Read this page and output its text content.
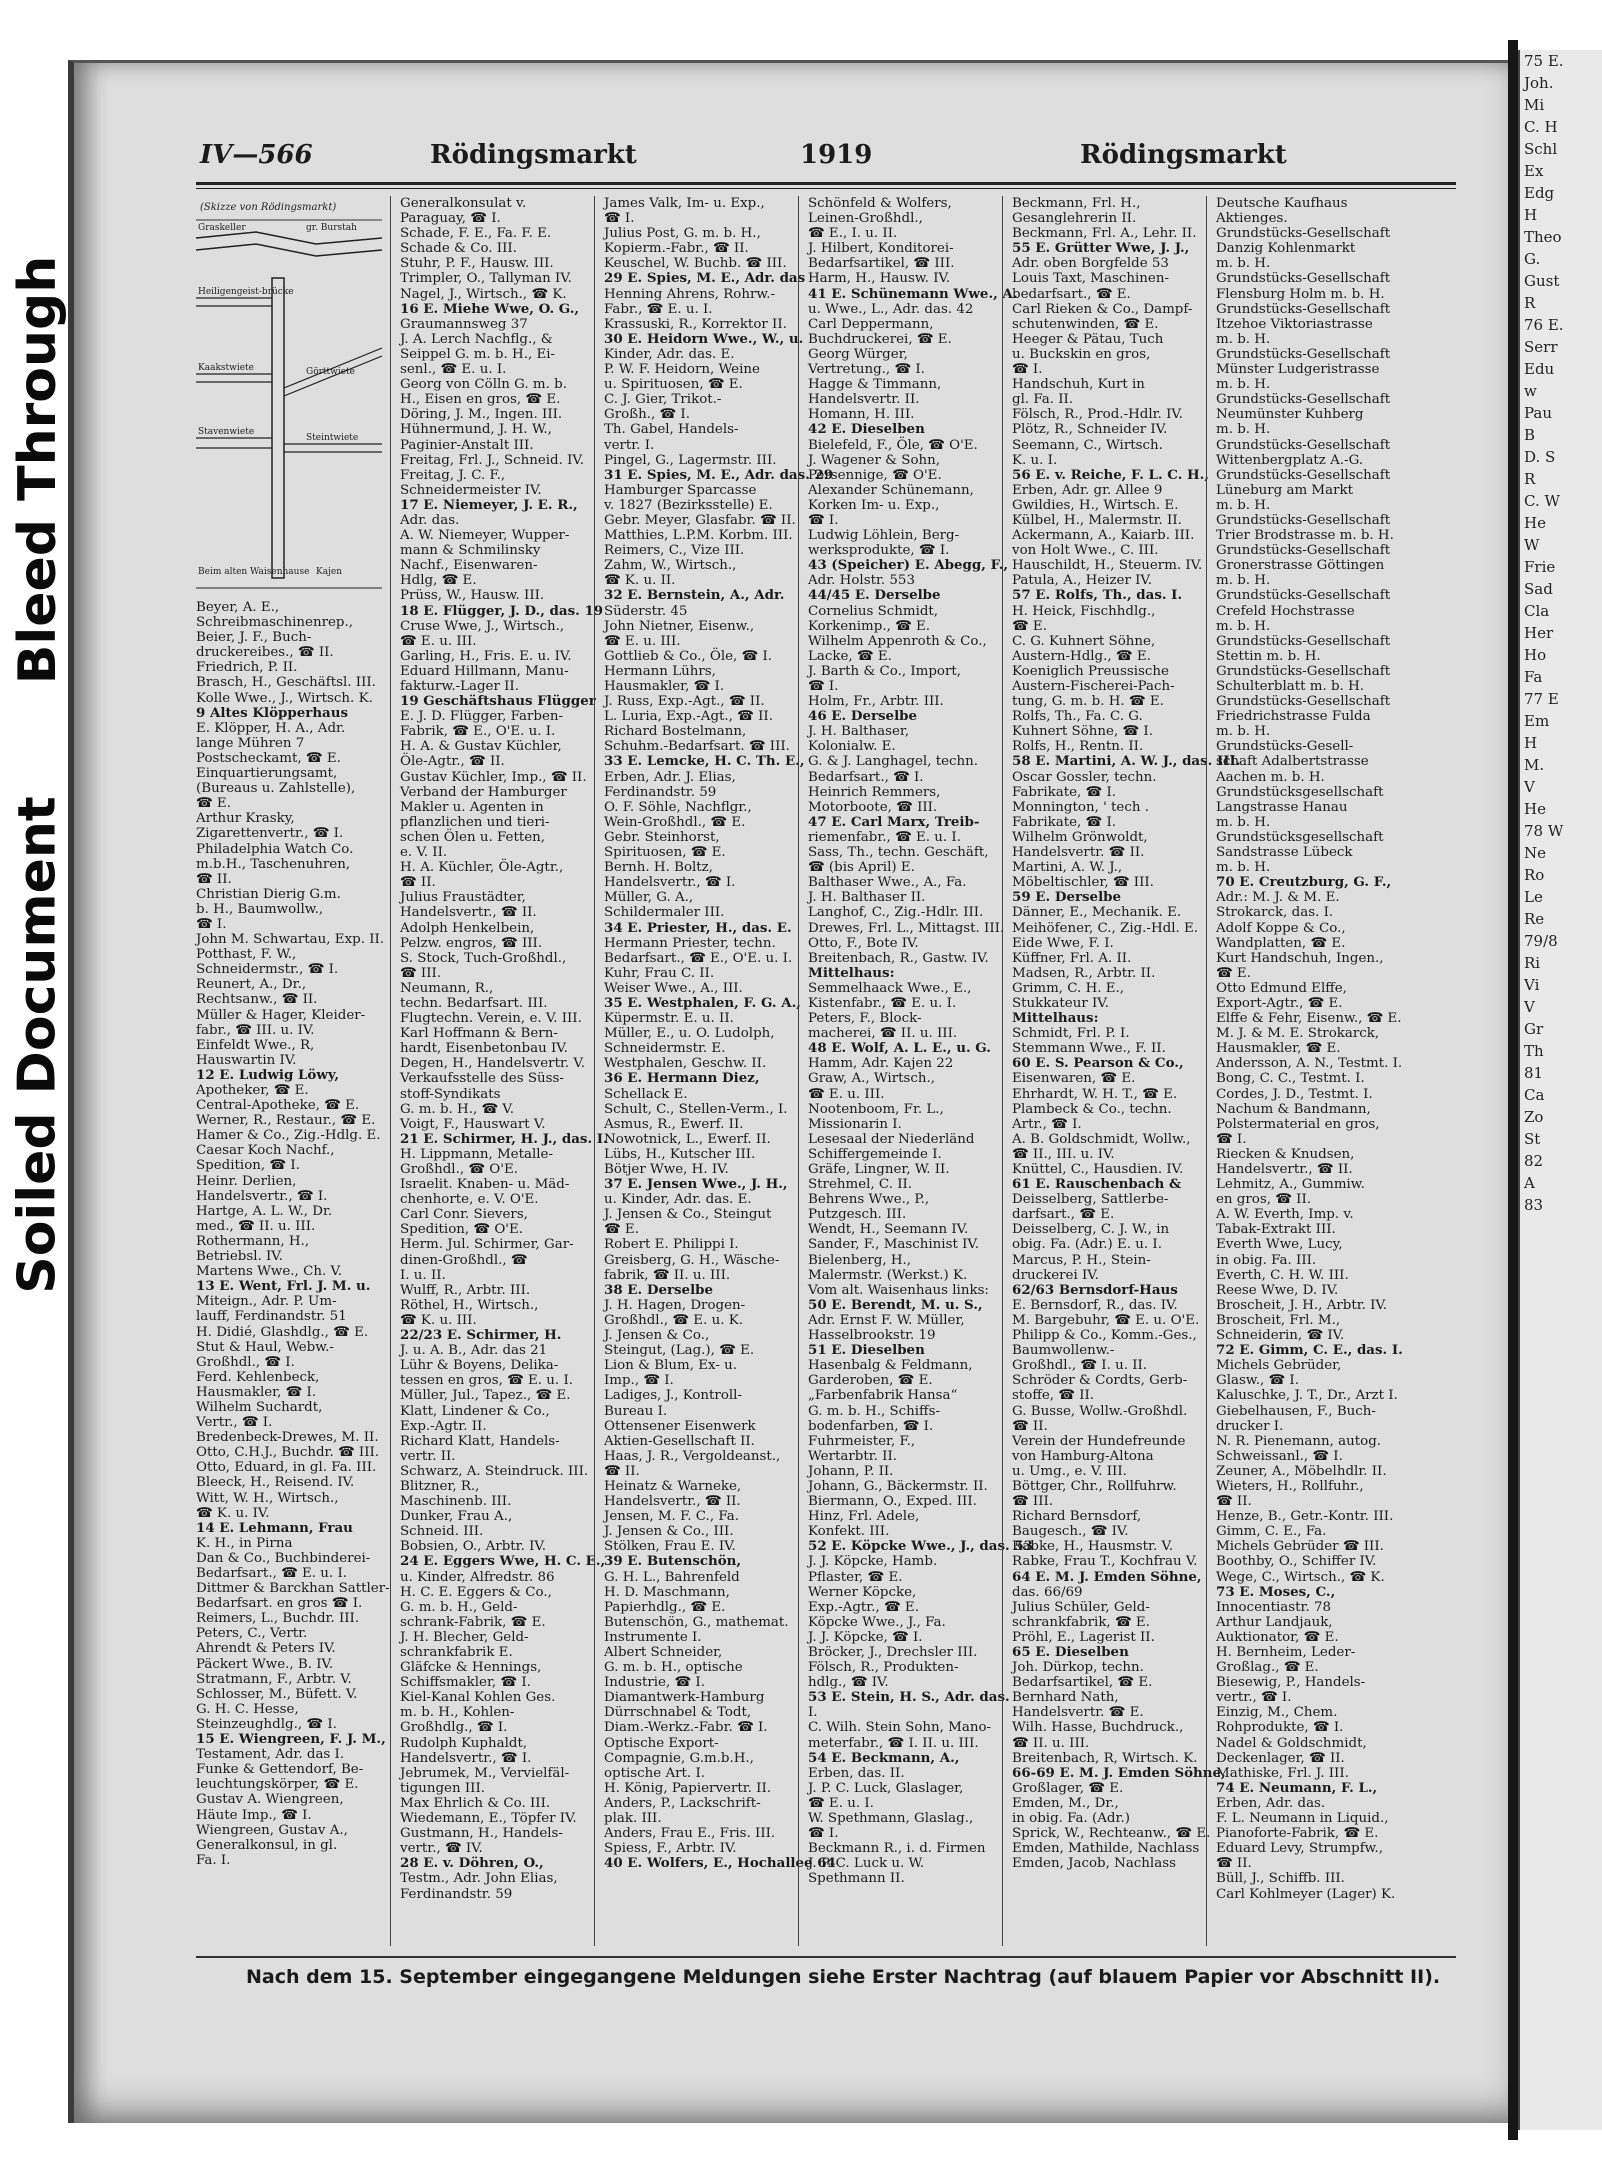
Bleed Through
Soiled Document
75 E.
Joh.
Mi
C. H
Schl
Ex
Edg
H
Theo
G.
Gust
R
76 E.
Serr
Edu
w
Pau
B
D. S
R
C. W
He
W
Frie
Sad
Cla
Her
Ho
Fa
77 E
Em
H
M.
V
He
78 W
Ne
Ro
Le
Re
79/8
Ri
Vi
V
Gr
Th
81
Ca
Zo
St
82
A
83
IV—566	Rödingsmarkt	1919	Rödingsmarkt
(Skizze von Rödingsmarkt)
Graskeller	gr. Burstah
Heiligengeist-brücke
Kaakstwiete	Görttwiete
Stavenwiete
Steintwiete
Beim alten Waisenhause Kajen
Beyer, A. E.,
Schreibmaschinenrep.,
Beier, J. F., Buch-
druckereibes., ☎ II.
Friedrich, P. II.
Brasch, H., Geschäftsl. III.
Kolle Wwe., J., Wirtsch. K.
9 Altes Klöpperhaus
E. Klöpper, H. A., Adr.
lange Mühren 7
Postscheckamt, ☎ E.
Einquartierungsamt,
(Bureaus u. Zahlstelle),
☎ E.
Arthur Krasky,
Zigarettenvertr., ☎ I.
Philadelphia Watch Co.
m.b.H., Taschenuhren,
☎ II.
Christian Dierig G.m.
b. H., Baumwollw.,
☎ I.
John M. Schwartau, Exp. II.
Potthast, F. W.,
Schneidermstr., ☎ I.
Reunert, A., Dr.,
Rechtsanw., ☎ II.
Müller & Hager, Kleider-
fabr., ☎ III. u. IV.
Einfeldt Wwe., R,
Hauswartin IV.
12 E. Ludwig Löwy,
Apotheker, ☎ E.
Central-Apotheke, ☎ E.
Werner, R., Restaur., ☎ E.
Hamer & Co., Zig.-Hdlg. E.
Caesar Koch Nachf.,
Spedition, ☎ I.
Heinr. Derlien,
Handelsvertr., ☎ I.
Hartge, A. L. W., Dr.
med., ☎ II. u. III.
Rothermann, H.,
Betriebsl. IV.
Martens Wwe., Ch. V.
13 E. Went, Frl. J. M. u.
Miteign., Adr. P. Um-
lauff, Ferdinandstr. 51
H. Didié, Glashdlg., ☎ E.
Stut & Haul, Webw.-
Großhdl., ☎ I.
Ferd. Kehlenbeck,
Hausmakler, ☎ I.
Wilhelm Suchardt,
Vertr., ☎ I.
Bredenbeck-Drewes, M. II.
Otto, C.H.J., Buchdr. ☎ III.
Otto, Eduard, in gl. Fa. III.
Bleeck, H., Reisend. IV.
Witt, W. H., Wirtsch.,
☎ K. u. IV.
14 E. Lehmann, Frau
K. H., in Pirna
Dan & Co., Buchbinderei-
Bedarfsart., ☎ E. u. I.
Dittmer & Barckhan Sattler-
Bedarfsart. en gros ☎ I.
Reimers, L., Buchdr. III.
Peters, C., Vertr.
Ahrendt & Peters IV.
Päckert Wwe., B. IV.
Stratmann, F., Arbtr. V.
Schlosser, M., Büfett. V.
G. H. C. Hesse,
Steinzeughdlg., ☎ I.
15 E. Wiengreen, F. J. M.,
Testament, Adr. das I.
Funke & Gettendorf, Be-
leuchtungskörper, ☎ E.
Gustav A. Wiengreen,
Häute Imp., ☎ I.
Wiengreen, Gustav A.,
Generalkonsul, in gl.
Fa. I.
Generalkonsulat v.
Paraguay, ☎ I.
Schade, F. E., Fa. F. E.
Schade & Co. III.
Stuhr, P. F., Hausw. III.
Trimpler, O., Tallyman IV.
Nagel, J., Wirtsch., ☎ K.
16 E. Miehe Wwe, O. G.,
Graumannsweg 37
J. A. Lerch Nachflg., &
Seippel G. m. b. H., Ei-
senl., ☎ E. u. I.
Georg von Cölln G. m. b.
H., Eisen en gros, ☎ E.
Döring, J. M., Ingen. III.
Hühnermund, J. H. W.,
Paginier-Anstalt III.
Freitag, Frl. J., Schneid. IV.
Freitag, J. C. F.,
Schneidermeister IV.
17 E. Niemeyer, J. E. R.,
Adr. das.
A. W. Niemeyer, Wupper-
mann & Schmilinsky
Nachf., Eisenwaren-
Hdlg, ☎ E.
Prüss, W., Hausw. III.
18 E. Flügger, J. D., das. 19
Cruse Wwe, J., Wirtsch.,
☎ E. u. III.
Garling, H., Fris. E. u. IV.
Eduard Hillmann, Manu-
fakturw.-Lager II.
19 Geschäftshaus Flügger
E. J. D. Flügger, Farben-
Fabrik, ☎ E., O'E. u. I.
H. A. & Gustav Küchler,
Öle-Agtr., ☎ II.
Gustav Küchler, Imp., ☎ II.
Verband der Hamburger
Makler u. Agenten in
pflanzlichen und tieri-
schen Ölen u. Fetten,
e. V. II.
H. A. Küchler, Öle-Agtr.,
☎ II.
Julius Fraustädter,
Handelsvertr., ☎ II.
Adolph Henkelbein,
Pelzw. engros, ☎ III.
S. Stock, Tuch-Großhdl.,
☎ III.
Neumann, R.,
techn. Bedarfsart. III.
Flugtechn. Verein, e. V. III.
Karl Hoffmann & Bern-
hardt, Eisenbetonbau IV.
Degen, H., Handelsvertr. V.
Verkaufsstelle des Süss-
stoff-Syndikats
G. m. b. H., ☎ V.
Voigt, F., Hauswart V.
21 E. Schirmer, H. J., das. I.
H. Lippmann, Metalle-
Großhdl., ☎ O'E.
Israelit. Knaben- u. Mäd-
chenhorte, e. V. O'E.
Carl Conr. Sievers,
Spedition, ☎ O'E.
Herm. Jul. Schirmer, Gar-
dinen-Großhdl., ☎
I. u. II.
Wulff, R., Arbtr. III.
Röthel, H., Wirtsch.,
☎ K. u. III.
22/23 E. Schirmer, H.
J. u. A. B., Adr. das 21
Lühr & Boyens, Delika-
tessen en gros, ☎ E. u. I.
Müller, Jul., Tapez., ☎ E.
Klatt, Lindener & Co.,
Exp.-Agtr. II.
Richard Klatt, Handels-
vertr. II.
Schwarz, A. Steindruck. III.
Blitzner, R.,
Maschinenb. III.
Dunker, Frau A.,
Schneid. III.
Bobsien, O., Arbtr. IV.
24 E. Eggers Wwe, H. C. E.,
u. Kinder, Alfredstr. 86
H. C. E. Eggers & Co.,
G. m. b. H., Geld-
schrank-Fabrik, ☎ E.
J. H. Blecher, Geld-
schrankfabrik E.
Gläfcke & Hennings,
Schiffsmakler, ☎ I.
Kiel-Kanal Kohlen Ges.
m. b. H., Kohlen-
Großhdlg., ☎ I.
Rudolph Kuphaldt,
Handelsvertr., ☎ I.
Jebrumek, M., Vervielfäl-
tigungen III.
Max Ehrlich & Co. III.
Wiedemann, E., Töpfer IV.
Gustmann, H., Handels-
vertr., ☎ IV.
28 E. v. Döhren, O.,
Testm., Adr. John Elias,
Ferdinandstr. 59
James Valk, Im- u. Exp.,
☎ I.
Julius Post, G. m. b. H.,
Kopierm.-Fabr., ☎ II.
Keuschel, W. Buchb. ☎ III.
29 E. Spies, M. E., Adr. das
Henning Ahrens, Rohrw.-
Fabr., ☎ E. u. I.
Krassuski, R., Korrektor II.
30 E. Heidorn Wwe., W., u.
Kinder, Adr. das. E.
P. W. F. Heidorn, Weine
u. Spirituosen, ☎ E.
C. J. Gier, Trikot.-
Großh., ☎ I.
Th. Gabel, Handels-
vertr. I.
Pingel, G., Lagermstr. III.
31 E. Spies, M. E., Adr. das. 29
Hamburger Sparcasse
v. 1827 (Bezirksstelle) E.
Gebr. Meyer, Glasfabr. ☎ II.
Matthies, L.P.M. Korbm. III.
Reimers, C., Vize III.
Zahm, W., Wirtsch.,
☎ K. u. II.
32 E. Bernstein, A., Adr.
Süderstr. 45
John Nietner, Eisenw.,
☎ E. u. III.
Gottlieb & Co., Öle, ☎ I.
Hermann Lührs,
Hausmakler, ☎ I.
J. Russ, Exp.-Agt., ☎ II.
L. Luria, Exp.-Agt., ☎ II.
Richard Bostelmann,
Schuhm.-Bedarfsart. ☎ III.
33 E. Lemcke, H. C. Th. E.,
Erben, Adr. J. Elias,
Ferdinandstr. 59
O. F. Söhle, Nachflgr.,
Wein-Großhdl., ☎ E.
Gebr. Steinhorst,
Spirituosen, ☎ E.
Bernh. H. Boltz,
Handelsvertr., ☎ I.
Müller, G. A.,
Schildermaler III.
34 E. Priester, H., das. E.
Hermann Priester, techn.
Bedarfsart., ☎ E., O'E. u. I.
Kuhr, Frau C. II.
Weiser Wwe., A., III.
35 E. Westphalen, F. G. A.,
Küpermstr. E. u. II.
Müller, E., u. O. Ludolph,
Schneidermstr. E.
Westphalen, Geschw. II.
36 E. Hermann Diez,
Schellack E.
Schult, C., Stellen-Verm., I.
Asmus, R., Ewerf. II.
Nowotnick, L., Ewerf. II.
Lübs, H., Kutscher III.
Bötjer Wwe, H. IV.
37 E. Jensen Wwe., J. H.,
u. Kinder, Adr. das. E.
J. Jensen & Co., Steingut
☎ E.
Robert E. Philippi I.
Greisberg, G. H., Wäsche-
fabrik, ☎ II. u. III.
38 E. Derselbe
J. H. Hagen, Drogen-
Großhdl., ☎ E. u. K.
J. Jensen & Co.,
Steingut, (Lag.), ☎ E.
Lion & Blum, Ex- u.
Imp., ☎ I.
Ladiges, J., Kontroll-
Bureau I.
Ottensener Eisenwerk
Aktien-Gesellschaft II.
Haas, J. R., Vergoldeanst.,
☎ II.
Heinatz & Warneke,
Handelsvertr., ☎ II.
Jensen, M. F. C., Fa.
J. Jensen & Co., III.
Stölken, Frau E. IV.
39 E. Butenschön,
G. H. L., Bahrenfeld
H. D. Maschmann,
Papierhdlg., ☎ E.
Butenschön, G., mathemat.
Instrumente I.
Albert Schneider,
G. m. b. H., optische
Industrie, ☎ I.
Diamantwerk-Hamburg
Dürrschnabel & Todt,
Diam.-Werkz.-Fabr. ☎ I.
Optische Export-
Compagnie, G.m.b.H.,
optische Art. I.
H. König, Papiervertr. II.
Anders, P., Lackschrift-
plak. III.
Anders, Frau E., Fris. III.
Spiess, F., Arbtr. IV.
40 E. Wolfers, E., Hochallee 64
Schönfeld & Wolfers,
Leinen-Großhdl.,
☎ E., I. u. II.
J. Hilbert, Konditorei-
Bedarfsartikel, ☎ III.
Harm, H., Hausw. IV.
41 E. Schünemann Wwe., A.
u. Wwe., L., Adr. das. 42
Carl Deppermann,
Buchdruckerei, ☎ E.
Georg Würger,
Vertretung., ☎ I.
Hagge & Timmann,
Handelsvertr. II.
Homann, H. III.
42 E. Dieselben
Bielefeld, F., Öle, ☎ O'E.
J. Wagener & Sohn,
Persennige, ☎ O'E.
Alexander Schünemann,
Korken Im- u. Exp.,
☎ I.
Ludwig Löhlein, Berg-
werksprodukte, ☎ I.
43 (Speicher) E. Abegg, F.,
Adr. Holstr. 553
44/45 E. Derselbe
Cornelius Schmidt,
Korkenimp., ☎ E.
Wilhelm Appenroth & Co.,
Lacke, ☎ E.
J. Barth & Co., Import,
☎ I.
Holm, Fr., Arbtr. III.
46 E. Derselbe
J. H. Balthaser,
Kolonialw. E.
G. & J. Langhagel, techn.
Bedarfsart., ☎ I.
Heinrich Remmers,
Motorboote, ☎ III.
47 E. Carl Marx, Treib-
riemenfabr., ☎ E. u. I.
Sass, Th., techn. Geschäft,
☎ (bis April) E.
Balthaser Wwe., A., Fa.
J. H. Balthaser II.
Langhof, C., Zig.-Hdlr. III.
Drewes, Frl. L., Mittagst. III.
Otto, F., Bote IV.
Breitenbach, R., Gastw. IV.
Mittelhaus:
Semmelhaack Wwe., E.,
Kistenfabr., ☎ E. u. I.
Peters, F., Block-
macherei, ☎ II. u. III.
48 E. Wolf, A. L. E., u. G.
Hamm, Adr. Kajen 22
Graw, A., Wirtsch.,
☎ E. u. III.
Nootenboom, Fr. L.,
Missionarin I.
Lesesaal der Niederländ
Schiffergemeinde I.
Gräfe, Lingner, W. II.
Strehmel, C. II.
Behrens Wwe., P.,
Putzgesch. III.
Wendt, H., Seemann IV.
Sander, F., Maschinist IV.
Bielenberg, H.,
Malermstr. (Werkst.) K.
Vom alt. Waisenhaus links:
50 E. Berendt, M. u. S.,
Adr. Ernst F. W. Müller,
Hasselbrookstr. 19
51 E. Dieselben
Hasenbalg & Feldmann,
Garderoben, ☎ E.
„Farbenfabrik Hansa“
G. m. b. H., Schiffs-
bodenfarben, ☎ I.
Fuhrmeister, F.,
Wertarbtr. II.
Johann, P. II.
Johann, G., Bäckermstr. II.
Biermann, O., Exped. III.
Hinz, Frl. Adele,
Konfekt. III.
52 E. Köpcke Wwe., J., das. 53
J. J. Köpcke, Hamb.
Pflaster, ☎ E.
Werner Köpcke,
Exp.-Agtr., ☎ E.
Köpcke Wwe., J., Fa.
J. J. Köpcke, ☎ I.
Bröcker, J., Drechsler III.
Fölsch, R., Produkten-
hdlg., ☎ IV.
53 E. Stein, H. S., Adr. das.
I.
C. Wilh. Stein Sohn, Mano-
meterfabr., ☎ I. II. u. III.
54 E. Beckmann, A.,
Erben, das. II.
J. P. C. Luck, Glaslager,
☎ E. u. I.
W. Spethmann, Glaslag.,
☎ I.
Beckmann R., i. d. Firmen
J. P. C. Luck u. W.
Spethmann II.
Beckmann, Frl. H.,
Gesanglehrerin II.
Beckmann, Frl. A., Lehr. II.
55 E. Grütter Wwe, J. J.,
Adr. oben Borgfelde 53
Louis Taxt, Maschinen-
bedarfsart., ☎ E.
Carl Rieken & Co., Dampf-
schutenwinden, ☎ E.
Heeger & Pätau, Tuch
u. Buckskin en gros,
☎ I.
Handschuh, Kurt in
gl. Fa. II.
Fölsch, R., Prod.-Hdlr. IV.
Plötz, R., Schneider IV.
Seemann, C., Wirtsch.
K. u. I.
56 E. v. Reiche, F. L. C. H.,
Erben, Adr. gr. Allee 9
Gwildies, H., Wirtsch. E.
Külbel, H., Malermstr. II.
Ackermann, A., Kaiarb. III.
von Holt Wwe., C. III.
Hauschildt, H., Steuerm. IV.
Patula, A., Heizer IV.
57 E. Rolfs, Th., das. I.
H. Heick, Fischhdlg.,
☎ E.
C. G. Kuhnert Söhne,
Austern-Hdlg., ☎ E.
Koeniglich Preussische
Austern-Fischerei-Pach-
tung, G. m. b. H. ☎ E.
Rolfs, Th., Fa. C. G.
Kuhnert Söhne, ☎ I.
Rolfs, H., Rentn. II.
58 E. Martini, A. W. J., das. III.
Oscar Gossler, techn.
Fabrikate, ☎ I.
Monnington, ' tech .
Fabrikate, ☎ I.
Wilhelm Grönwoldt,
Handelsvertr. ☎ II.
Martini, A. W. J.,
Möbeltischler, ☎ III.
59 E. Derselbe
Dänner, E., Mechanik. E.
Meihöfener, C., Zig.-Hdl. E.
Eide Wwe, F. I.
Küffner, Frl. A. II.
Madsen, R., Arbtr. II.
Grimm, C. H. E.,
Stukkateur IV.
Mittelhaus:
Schmidt, Frl. P. I.
Stemmann Wwe., F. II.
60 E. S. Pearson & Co.,
Eisenwaren, ☎ E.
Ehrhardt, W. H. T., ☎ E.
Plambeck & Co., techn.
Artr., ☎ I.
A. B. Goldschmidt, Wollw.,
☎ II., III. u. IV.
Knüttel, C., Hausdien. IV.
61 E. Rauschenbach &
Deisselberg, Sattlerbe-
darfsart., ☎ E.
Deisselberg, C. J. W., in
obig. Fa. (Adr.) E. u. I.
Marcus, P. H., Stein-
druckerei IV.
62/63 Bernsdorf-Haus
E. Bernsdorf, R., das. IV.
M. Bargebuhr, ☎ E. u. O'E.
Philipp & Co., Komm.-Ges.,
Baumwollenw.-
Großhdl., ☎ I. u. II.
Schröder & Cordts, Gerb-
stoffe, ☎ II.
G. Busse, Wollw.-Großhdl.
☎ II.
Verein der Hundefreunde
von Hamburg-Altona
u. Umg., e. V. III.
Böttger, Chr., Rollfuhrw.
☎ III.
Richard Bernsdorf,
Baugesch., ☎ IV.
Rabke, H., Hausmstr. V.
Rabke, Frau T., Kochfrau V.
64 E. M. J. Emden Söhne,
das. 66/69
Julius Schüler, Geld-
schrankfabrik, ☎ E.
Pröhl, E., Lagerist II.
65 E. Dieselben
Joh. Dürkop, techn.
Bedarfsartikel, ☎ E.
Bernhard Nath,
Handelsvertr. ☎ E.
Wilh. Hasse, Buchdruck.,
☎ II. u. III.
Breitenbach, R, Wirtsch. K.
66-69 E. M. J. Emden Söhne,
Großlager, ☎ E.
Emden, M., Dr.,
in obig. Fa. (Adr.)
Sprick, W., Rechteanw., ☎ E.
Emden, Mathilde, Nachlass
Emden, Jacob, Nachlass
Deutsche Kaufhaus
Aktienges.
Grundstücks-Gesellschaft
Danzig Kohlenmarkt
m. b. H.
Grundstücks-Gesellschaft
Flensburg Holm m. b. H.
Grundstücks-Gesellschaft
Itzehoe Viktoriastrasse
m. b. H.
Grundstücks-Gesellschaft
Münster Ludgeristrasse
m. b. H.
Grundstücks-Gesellschaft
Neumünster Kuhberg
m. b. H.
Grundstücks-Gesellschaft
Wittenbergplatz A.-G.
Grundstücks-Gesellschaft
Lüneburg am Markt
m. b. H.
Grundstücks-Gesellschaft
Trier Brodstrasse m. b. H.
Grundstücks-Gesellschaft
Gronerstrasse Göttingen
m. b. H.
Grundstücks-Gesellschaft
Crefeld Hochstrasse
m. b. H.
Grundstücks-Gesellschaft
Stettin m. b. H.
Grundstücks-Gesellschaft
Schulterblatt m. b. H.
Grundstücks-Gesellschaft
Friedrichstrasse Fulda
m. b. H.
Grundstücks-Gesell-
schaft Adalbertstrasse
Aachen m. b. H.
Grundstücksgesellschaft
Langstrasse Hanau
m. b. H.
Grundstücksgesellschaft
Sandstrasse Lübeck
m. b. H.
70 E. Creutzburg, G. F.,
Adr.: M. J. & M. E.
Strokarck, das. I.
Adolf Koppe & Co.,
Wandplatten, ☎ E.
Kurt Handschuh, Ingen.,
☎ E.
Otto Edmund Elffe,
Export-Agtr., ☎ E.
Elffe & Fehr, Eisenw., ☎ E.
M. J. & M. E. Strokarck,
Hausmakler, ☎ E.
Andersson, A. N., Testmt. I.
Bong, C. C., Testmt. I.
Cordes, J. D., Testmt. I.
Nachum & Bandmann,
Polstermaterial en gros,
☎ I.
Riecken & Knudsen,
Handelsvertr., ☎ II.
Lehmitz, A., Gummiw.
en gros, ☎ II.
A. W. Everth, Imp. v.
Tabak-Extrakt III.
Everth Wwe, Lucy,
in obig. Fa. III.
Everth, C. H. W. III.
Reese Wwe, D. IV.
Broscheit, J. H., Arbtr. IV.
Broscheit, Frl. M.,
Schneiderin, ☎ IV.
72 E. Gimm, C. E., das. I.
Michels Gebrüder,
Glasw., ☎ I.
Kaluschke, J. T., Dr., Arzt I.
Giebelhausen, F., Buch-
drucker I.
N. R. Pienemann, autog.
Schweissanl., ☎ I.
Zeuner, A., Möbelhdlr. II.
Wieters, H., Rollfuhr.,
☎ II.
Henze, B., Getr.-Kontr. III.
Gimm, C. E., Fa.
Michels Gebrüder ☎ III.
Boothby, O., Schiffer IV.
Wege, C., Wirtsch., ☎ K.
73 E. Moses, C.,
Innocentiastr. 78
Arthur Landjauk,
Auktionator, ☎ E.
H. Bernheim, Leder-
Großlag., ☎ E.
Biesewig, P., Handels-
vertr., ☎ I.
Einzig, M., Chem.
Rohprodukte, ☎ I.
Nadel & Goldschmidt,
Deckenlager, ☎ II.
Mathiske, Frl. J. III.
74 E. Neumann, F. L.,
Erben, Adr. das.
F. L. Neumann in Liquid.,
Pianoforte-Fabrik, ☎ E.
Eduard Levy, Strumpfw.,
☎ II.
Büll, J., Schiffb. III.
Carl Kohlmeyer (Lager) K.
Nach dem 15. September eingegangene Meldungen siehe Erster Nachtrag (auf blauem Papier vor Abschnitt II).
